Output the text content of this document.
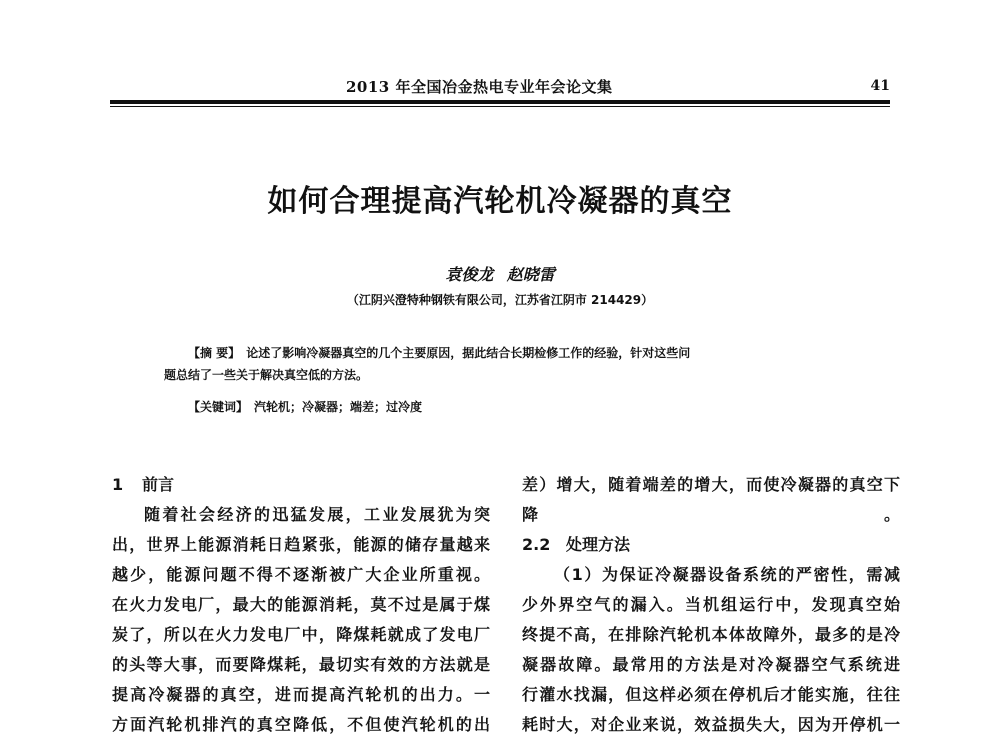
2013 年全国冶金热电专业年会论文集	41
如何合理提高汽轮机冷凝器的真空
袁俊龙 赵晓雷
（江阴兴澄特种钢铁有限公司，江苏省江阴市 214429）

【摘 要】 论述了影响冷凝器真空的几个主要原因，据此结合长期检修工作的经验，针对这些问

题总结了一些关于解决真空低的方法。

【关键词】 汽轮机；冷凝器；端差；过冷度
1 前言
随着社会经济的迅猛发展，工业发展犹为突
出，世界上能源消耗日趋紧张，能源的储存量越来
越少，能源问题不得不逐渐被广大企业所重视。
在火力发电厂，最大的能源消耗，莫不过是属于煤
炭了，所以在火力发电厂中，降煤耗就成了发电厂
的头等大事，而要降煤耗，最切实有效的方法就是
提高冷凝器的真空，进而提高汽轮机的出力。一
方面汽轮机排汽的真空降低，不但使汽轮机的出
差）增大，随着端差的增大，而使冷凝器的真空下
降。
2.2 处理方法
（1）为保证冷凝器设备系统的严密性，需减
少外界空气的漏入。当机组运行中，发现真空始
终提不高，在排除汽轮机本体故障外，最多的是冷
凝器故障。最常用的方法是对冷凝器空气系统进
行灌水找漏，但这样必须在停机后才能实施，往往
耗时大，对企业来说，效益损失大，因为开停机一
